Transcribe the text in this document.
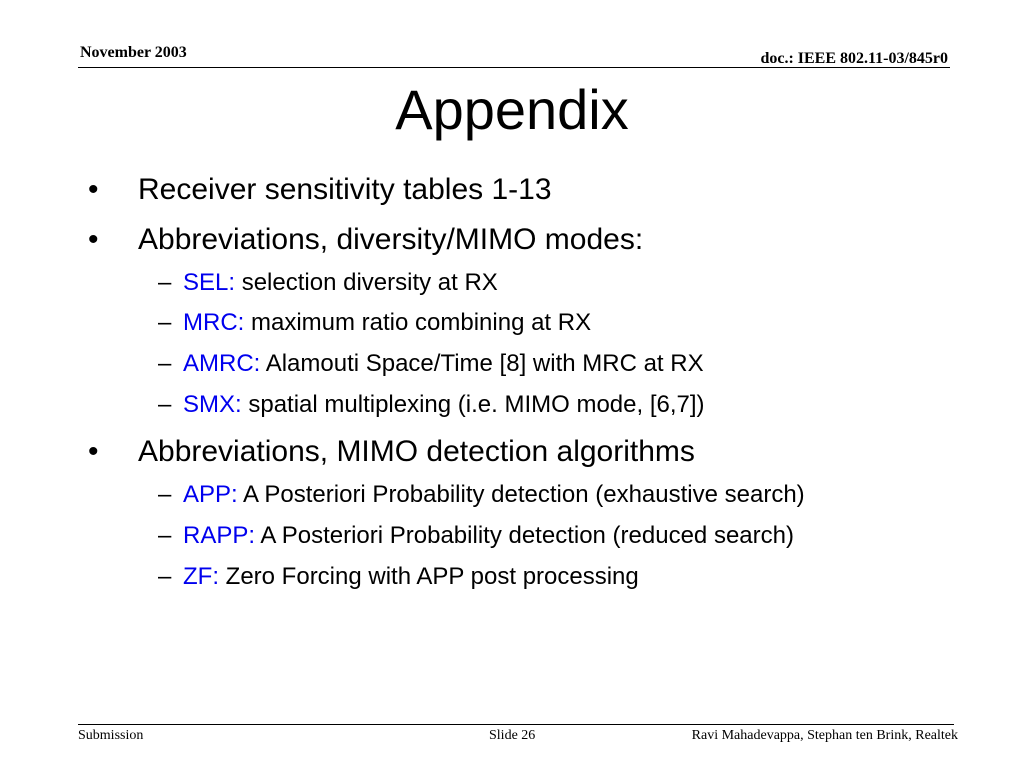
November 2003	doc.: IEEE 802.11-03/845r0
Appendix
• Receiver sensitivity tables 1-13
• Abbreviations, diversity/MIMO modes:
– SEL: selection diversity at RX
– MRC: maximum ratio combining at RX
– AMRC: Alamouti Space/Time [8] with MRC at RX
– SMX: spatial multiplexing (i.e. MIMO mode, [6,7])
• Abbreviations, MIMO detection algorithms
– APP: A Posteriori Probability detection (exhaustive search)
– RAPP: A Posteriori Probability detection (reduced search)
– ZF: Zero Forcing with APP post processing
Submission	Slide 26	Ravi Mahadevappa, Stephan ten Brink, Realtek
